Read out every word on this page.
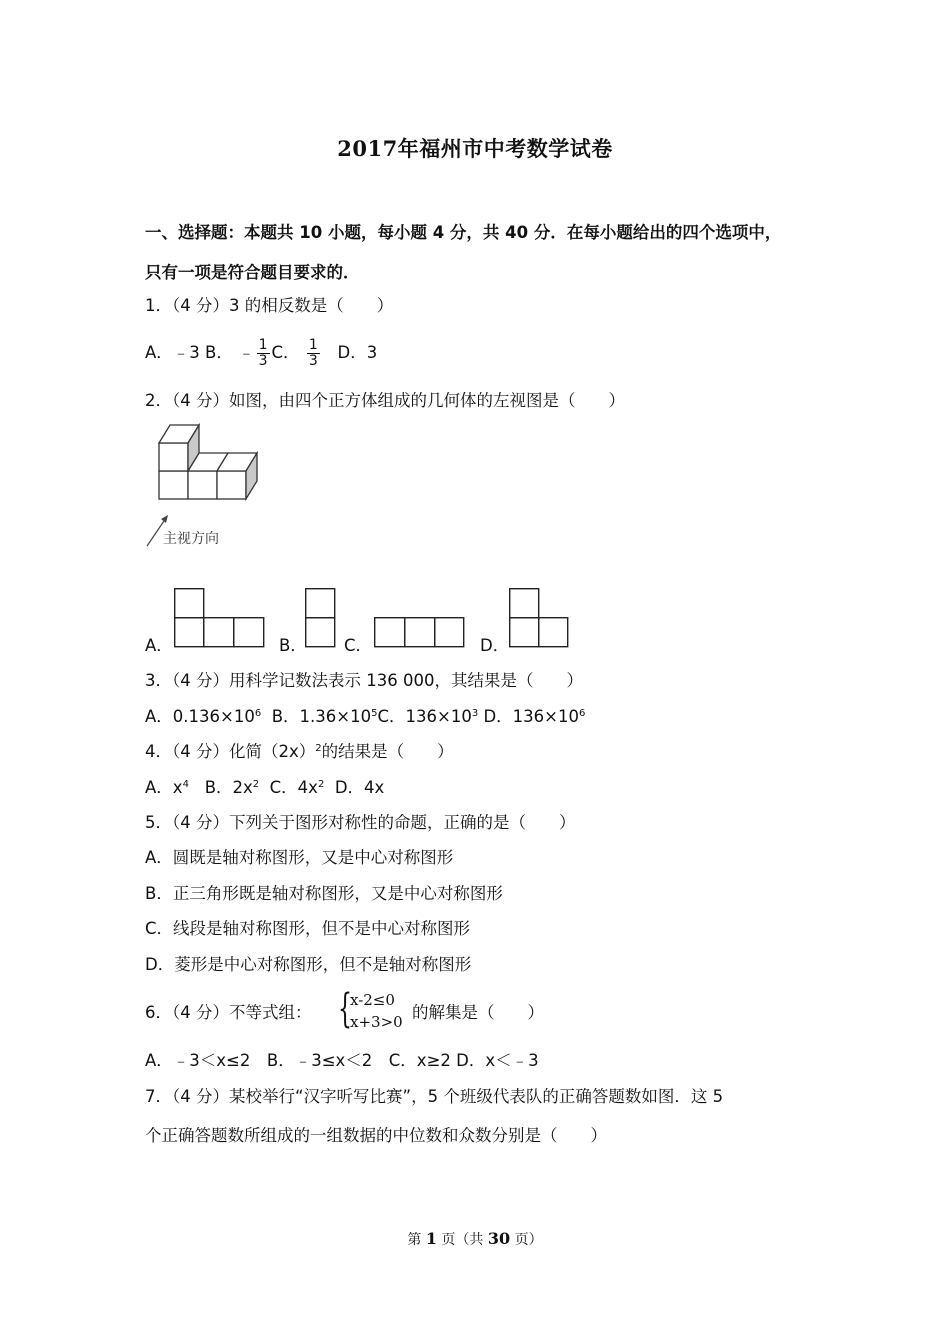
2017年福州市中考数学试卷
一、选择题：本题共 10 小题，每小题 4 分，共 40 分．在每小题给出的四个选项中，
只有一项是符合题目要求的．
1．（4 分）3 的相反数是（　　）
A．﹣3 B． ﹣ $\frac{1}{3}$ C． $\frac{1}{3}$ D．3
2．（4 分）如图，由四个正方体组成的几何体的左视图是（　　）
主视方向
A．	B． C．	D．
3．（4 分）用科学记数法表示 136 000，其结果是（　　）
A．$0.136\times 10^6$ B．$1.36\times 10^5C$．$136\times 10^3$ D．$136\times 10^6$
4．（4 分）化简$(2x)^2$的结果是（　　）
A．$x^4$ B．$2x^2$ C．$4x^2$ D．4x
5．（4 分）下列关于图形对称性的命题，正确的是（　　）
A．圆既是轴对称图形，又是中心对称图形
B．正三角形既是轴对称图形，又是中心对称图形
C．线段是轴对称图形，但不是中心对称图形
D．菱形是中心对称图形，但不是轴对称图形
6．（4 分）不等式组： {
x-2≤0
x+3>0 的解集是（　　）
A．﹣3＜x≤2　B．﹣3≤x＜2　C．x≥2 D．x＜﹣3
7．（4 分）某校举行“汉字听写比赛”，5 个班级代表队的正确答题数如图．这 5
个正确答题数所组成的一组数据的中位数和众数分别是（　　）
第 1 页（共 30 页）
